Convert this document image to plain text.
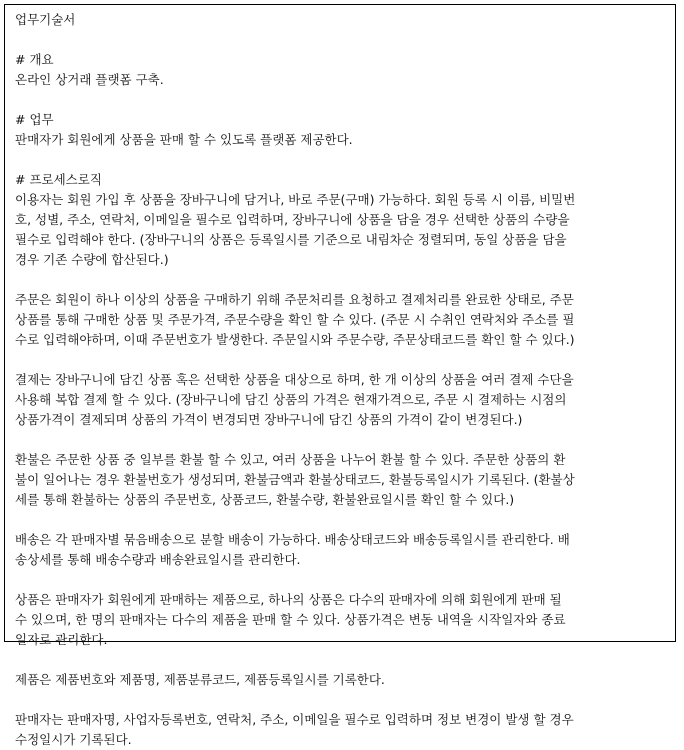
업무기술서
# 개요
온라인 상거래 플랫폼 구축.
# 업무
판매자가 회원에게 상품을 판매 할 수 있도록 플랫폼 제공한다.
# 프로세스로직
이용자는 회원 가입 후 상품을 장바구니에 담거나, 바로 주문(구매) 가능하다. 회원 등록 시 이름, 비밀번
호, 성별, 주소, 연락처, 이메일을 필수로 입력하며, 장바구니에 상품을 담을 경우 선택한 상품의 수량을
필수로 입력해야 한다. (장바구니의 상품은 등록일시를 기준으로 내림차순 정렬되며, 동일 상품을 담을
경우 기존 수량에 합산된다.)
주문은 회원이 하나 이상의 상품을 구매하기 위해 주문처리를 요청하고 결제처리를 완료한 상태로, 주문
상품를 통해 구매한 상품 및 주문가격, 주문수량을 확인 할 수 있다. (주문 시 수취인 연락처와 주소를 필
수로 입력해야하며, 이때 주문번호가 발생한다. 주문일시와 주문수량, 주문상태코드를 확인 할 수 있다.)
결제는 장바구니에 담긴 상품 혹은 선택한 상품을 대상으로 하며, 한 개 이상의 상품을 여러 결제 수단을
사용해 복합 결제 할 수 있다. (장바구니에 담긴 상품의 가격은 현재가격으로, 주문 시 결제하는 시점의
상품가격이 결제되며 상품의 가격이 변경되면 장바구니에 담긴 상품의 가격이 같이 변경된다.)
환불은 주문한 상품 중 일부를 환불 할 수 있고, 여러 상품을 나누어 환불 할 수 있다. 주문한 상품의 환
불이 일어나는 경우 환불번호가 생성되며, 환불금액과 환불상태코드, 환불등록일시가 기록된다. (환불상
세를 통해 환불하는 상품의 주문번호, 상품코드, 환불수량, 환불완료일시를 확인 할 수 있다.)
배송은 각 판매자별 묶음배송으로 분할 배송이 가능하다. 배송상태코드와 배송등록일시를 관리한다. 배
송상세를 통해 배송수량과 배송완료일시를 관리한다.
상품은 판매자가 회원에게 판매하는 제품으로, 하나의 상품은 다수의 판매자에 의해 회원에게 판매 될
수 있으며, 한 명의 판매자는 다수의 제품을 판매 할 수 있다. 상품가격은 변동 내역을 시작일자와 종료
일자로 관리한다.
제품은 제품번호와 제품명, 제품분류코드, 제품등록일시를 기록한다.
판매자는 판매자명, 사업자등록번호, 연락처, 주소, 이메일을 필수로 입력하며 정보 변경이 발생 할 경우
수정일시가 기록된다.
